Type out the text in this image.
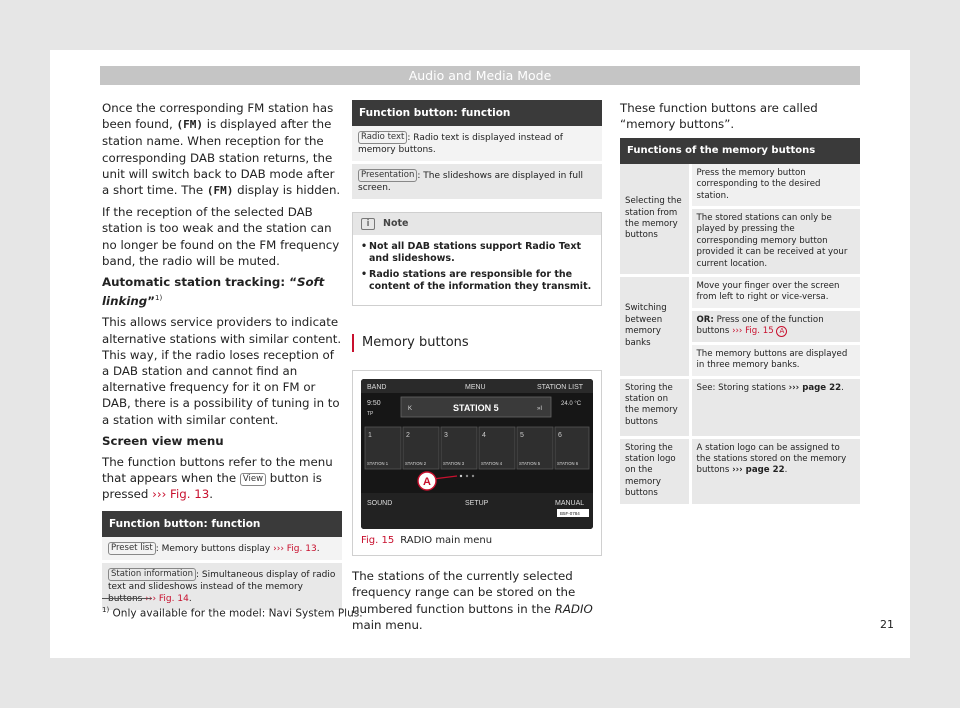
Audio and Media Mode

Once the corresponding FM station has been found, (FM) is displayed after the station name. When reception for the corresponding DAB station returns, the unit will switch back to DAB mode after a short time. The (FM) display is hidden.

If the reception of the selected DAB station is too weak and the station can no longer be found on the FM frequency band, the radio will be muted.

Automatic station tracking: “Soft linking”$^{1)}$

This allows service providers to indicate alternative stations with similar content. This way, if the radio loses reception of a DAB station and cannot find an alternative frequency for it on FM or DAB, there is a possibility of tuning in to a station with similar content.

Screen view menu

The function buttons refer to the menu that appears when the View button is pressed ››› Fig. 13.

Function button: function
Preset list : Memory buttons display ››› Fig. 13.
Station information : Simultaneous display of radio text and slideshows instead of the memory buttons ››› Fig. 14.
Function button: function
Radio text : Radio text is displayed instead of memory buttons.
Presentation : The slideshows are displayed in full screen.
i	Note
• Not all DAB stations support Radio Text and slideshows.
• Radio stations are responsible for the content of the information they transmit.
Memory buttons
BAND	MENU	STATION LIST
9:50
TP
K	STATION 5	»I
24.0 °C
1	2	3	4	5	6
STATION 1	STATION 2	STATION 3	STATION 4	STATION 5	STATION 6
A
SOUND	SETUP	MANUAL
B5F-0784
Fig. 15 RADIO main menu

The stations of the currently selected frequency range can be stored on the numbered function buttons in the RADIO main menu.

These function buttons are called “memory buttons”.

Functions of the memory buttons	
Selecting the station from the memory buttons	Press the memory button corresponding to the desired station.
	The stored stations can only be played by pressing the corresponding memory button provided it can be received at your current location.
Switching between memory banks	Move your finger over the screen from left to right or vice-versa.
	OR: Press one of the function buttons ››› Fig. 15 A
	The memory buttons are displayed in three memory banks.
Storing the station on the memory buttons	See: Storing stations ››› page 22.
Storing the station logo on the memory buttons	A station logo can be assigned to the stations stored on the memory buttons ››› page 22.
$^{1)}$ Only available for the model: Navi System Plus.
21
